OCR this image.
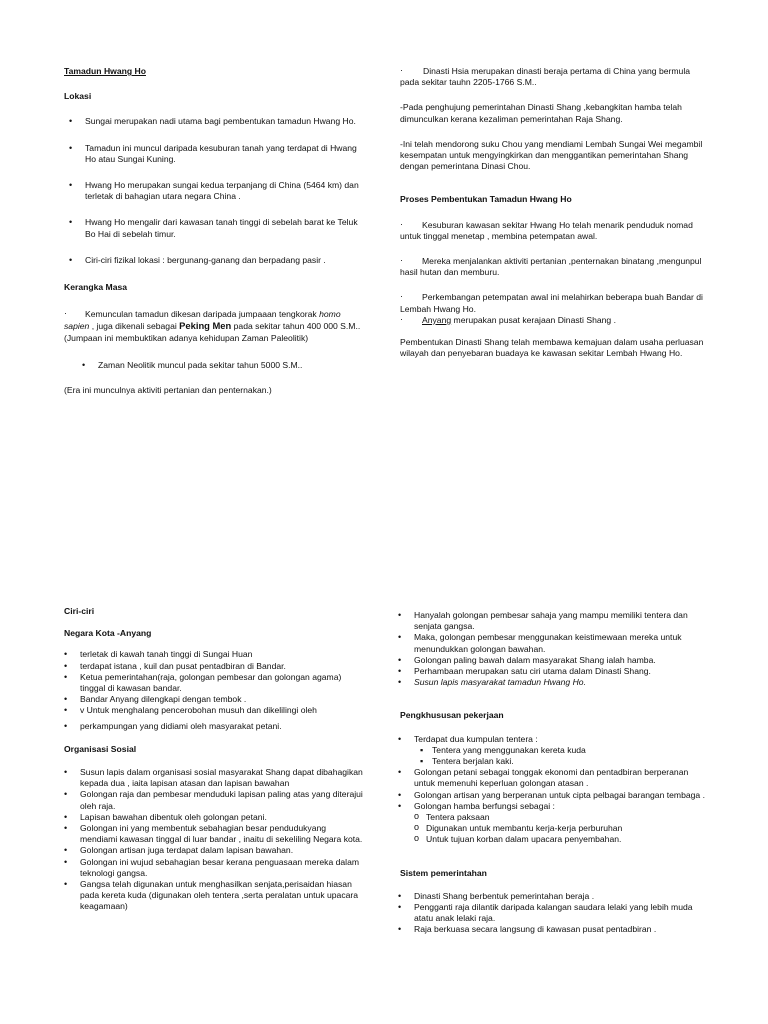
Tamadun Hwang Ho

Lokasi

• Sungai merupakan nadi utama bagi pembentukan tamadun Hwang Ho.
• Tamadun ini muncul daripada kesuburan tanah yang terdapat di Hwang Ho atau Sungai Kuning.
• Hwang Ho merupakan sungai kedua terpanjang di China (5464 km) dan terletak di bahagian utara negara China .
• Hwang Ho mengalir dari kawasan tanah tinggi di sebelah barat ke Teluk Bo Hai di sebelah timur.
• Ciri-ciri fizikal lokasi : bergunang-ganang dan berpadang pasir .

Kerangka Masa

· Kemunculan tamadun dikesan daripada jumpaaan tengkorak homo sapien , juga dikenali sebagai Peking Men pada sekitar tahun 400 000 S.M..

(Jumpaan ini membuktikan adanya kehidupan Zaman Paleolitik)

• Zaman Neolitik muncul pada sekitar tahun 5000 S.M..

(Era ini munculnya aktiviti pertanian dan penternakan.)

· Dinasti Hsia merupakan dinasti beraja pertama di China yang bermula pada sekitar tauhn 2205-1766 S.M..

-Pada penghujung pemerintahan Dinasti Shang ,kebangkitan hamba telah dimunculkan kerana kezaliman pemerintahan Raja Shang.

-Ini telah mendorong suku Chou yang mendiami Lembah Sungai Wei megambil kesempatan untuk mengyingkirkan dan menggantikan pemerintahan Shang dengan pemerintana Dinasi Chou.

Proses Pembentukan Tamadun Hwang Ho

· Kesuburan kawasan sekitar Hwang Ho telah menarik penduduk nomad untuk tinggal menetap , membina petempatan awal.

· Mereka menjalankan aktiviti pertanian ,penternakan binatang ,mengunpul hasil hutan dan memburu.

· Perkembangan petempatan awal ini melahirkan beberapa buah Bandar di Lembah Hwang Ho.

· Anyang merupakan pusat kerajaan Dinasti Shang .

Pembentukan Dinasti Shang telah membawa kemajuan dalam usaha perluasan wilayah dan penyebaran buadaya ke kawasan sekitar Lembah Hwang Ho.

Ciri-ciri

Negara Kota -Anyang

• terletak di kawah tanah tinggi di Sungai Huan
• terdapat istana , kuil dan pusat pentadbiran di Bandar.
• Ketua pemerintahan(raja, golongan pembesar dan golongan agama) tinggal di kawasan bandar.
• Bandar Anyang dilengkapi dengan tembok .
• v Untuk menghalang pencerobohan musuh dan dikelilingi oleh
• perkampungan yang didiami oleh masyarakat petani.

Organisasi Sosial

• Susun lapis dalam organisasi sosial masyarakat Shang dapat dibahagikan kepada dua , iaita lapisan atasan dan lapisan bawahan
• Golongan raja dan pembesar menduduki lapisan paling atas yang diterajui oleh raja.
• Lapisan bawahan dibentuk oleh golongan petani.
• Golongan ini yang membentuk sebahagian besar pendudukyang mendiami kawasan tinggal di luar bandar , inaitu di sekeliling Negara kota.
• Golongan artisan juga terdapat dalam lapisan bawahan.
• Golongan ini wujud sebahagian besar kerana penguasaan mereka dalam teknologi gangsa.
• Gangsa telah digunakan untuk menghasilkan senjata,perisaidan hiasan pada kereta kuda (digunakan oleh tentera ,serta peralatan untuk upacara keagamaan)
• Hanyalah golongan pembesar sahaja yang mampu memiliki tentera dan senjata gangsa.
• Maka, golongan pembesar menggunakan keistimewaan mereka untuk menundukkan golongan bawahan.
• Golongan paling bawah dalam masyarakat Shang ialah hamba.
• Perhambaan merupakan satu ciri utama dalam Dinasti Shang.
• Susun lapis masyarakat tamadun Hwang Ho.

Pengkhususan pekerjaan

• Terdapat dua kumpulan tentera :
▪ Tentera yang menggunakan kereta kuda
▪ Tentera berjalan kaki.
• Golongan petani sebagai tonggak ekonomi dan pentadbiran berperanan untuk memenuhi keperluan golongan atasan .
• Golongan artisan yang berperanan untuk cipta pelbagai barangan tembaga .
• Golongan hamba berfungsi sebagai :
o Tentera paksaan
o Digunakan untuk membantu kerja-kerja perburuhan
o Untuk tujuan korban dalam upacara penyembahan.

Sistem pemerintahan

• Dinasti Shang berbentuk pemerintahan beraja .
• Pengganti raja dilantik daripada kalangan saudara lelaki yang lebih muda atatu anak lelaki raja.
• Raja berkuasa secara langsung di kawasan pusat pentadbiran .
